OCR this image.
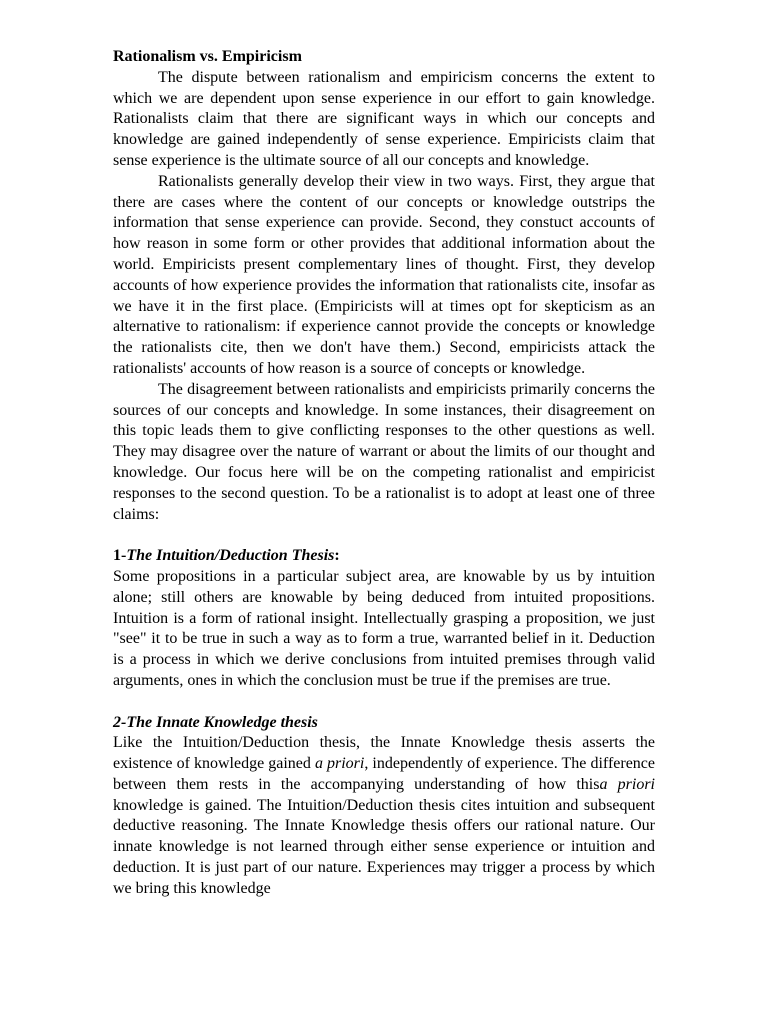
Rationalism vs. Empiricism

The dispute between rationalism and empiricism concerns the extent to which we are dependent upon sense experience in our effort to gain knowledge. Rationalists claim that there are significant ways in which our concepts and knowledge are gained independently of sense experience. Empiricists claim that sense experience is the ultimate source of all our concepts and knowledge.

Rationalists generally develop their view in two ways. First, they argue that there are cases where the content of our concepts or knowledge outstrips the information that sense experience can provide. Second, they constuct accounts of how reason in some form or other provides that additional information about the world. Empiricists present complementary lines of thought. First, they develop accounts of how experience provides the information that rationalists cite, insofar as we have it in the first place. (Empiricists will at times opt for skepticism as an alternative to rationalism: if experience cannot provide the concepts or knowledge the rationalists cite, then we don't have them.) Second, empiricists attack the rationalists' accounts of how reason is a source of concepts or knowledge.

The disagreement between rationalists and empiricists primarily concerns the sources of our concepts and knowledge. In some instances, their disagreement on this topic leads them to give conflicting responses to the other questions as well. They may disagree over the nature of warrant or about the limits of our thought and knowledge. Our focus here will be on the competing rationalist and empiricist responses to the second question. To be a rationalist is to adopt at least one of three claims:

1-The Intuition/Deduction Thesis:

Some propositions in a particular subject area, are knowable by us by intuition alone; still others are knowable by being deduced from intuited propositions. Intuition is a form of rational insight. Intellectually grasping a proposition, we just "see" it to be true in such a way as to form a true, warranted belief in it. Deduction is a process in which we derive conclusions from intuited premises through valid arguments, ones in which the conclusion must be true if the premises are true.

2-The Innate Knowledge thesis

Like the Intuition/Deduction thesis, the Innate Knowledge thesis asserts the existence of knowledge gained a priori, independently of experience. The difference between them rests in the accompanying understanding of how thisa priori knowledge is gained. The Intuition/Deduction thesis cites intuition and subsequent deductive reasoning. The Innate Knowledge thesis offers our rational nature. Our innate knowledge is not learned through either sense experience or intuition and deduction. It is just part of our nature. Experiences may trigger a process by which we bring this knowledge
